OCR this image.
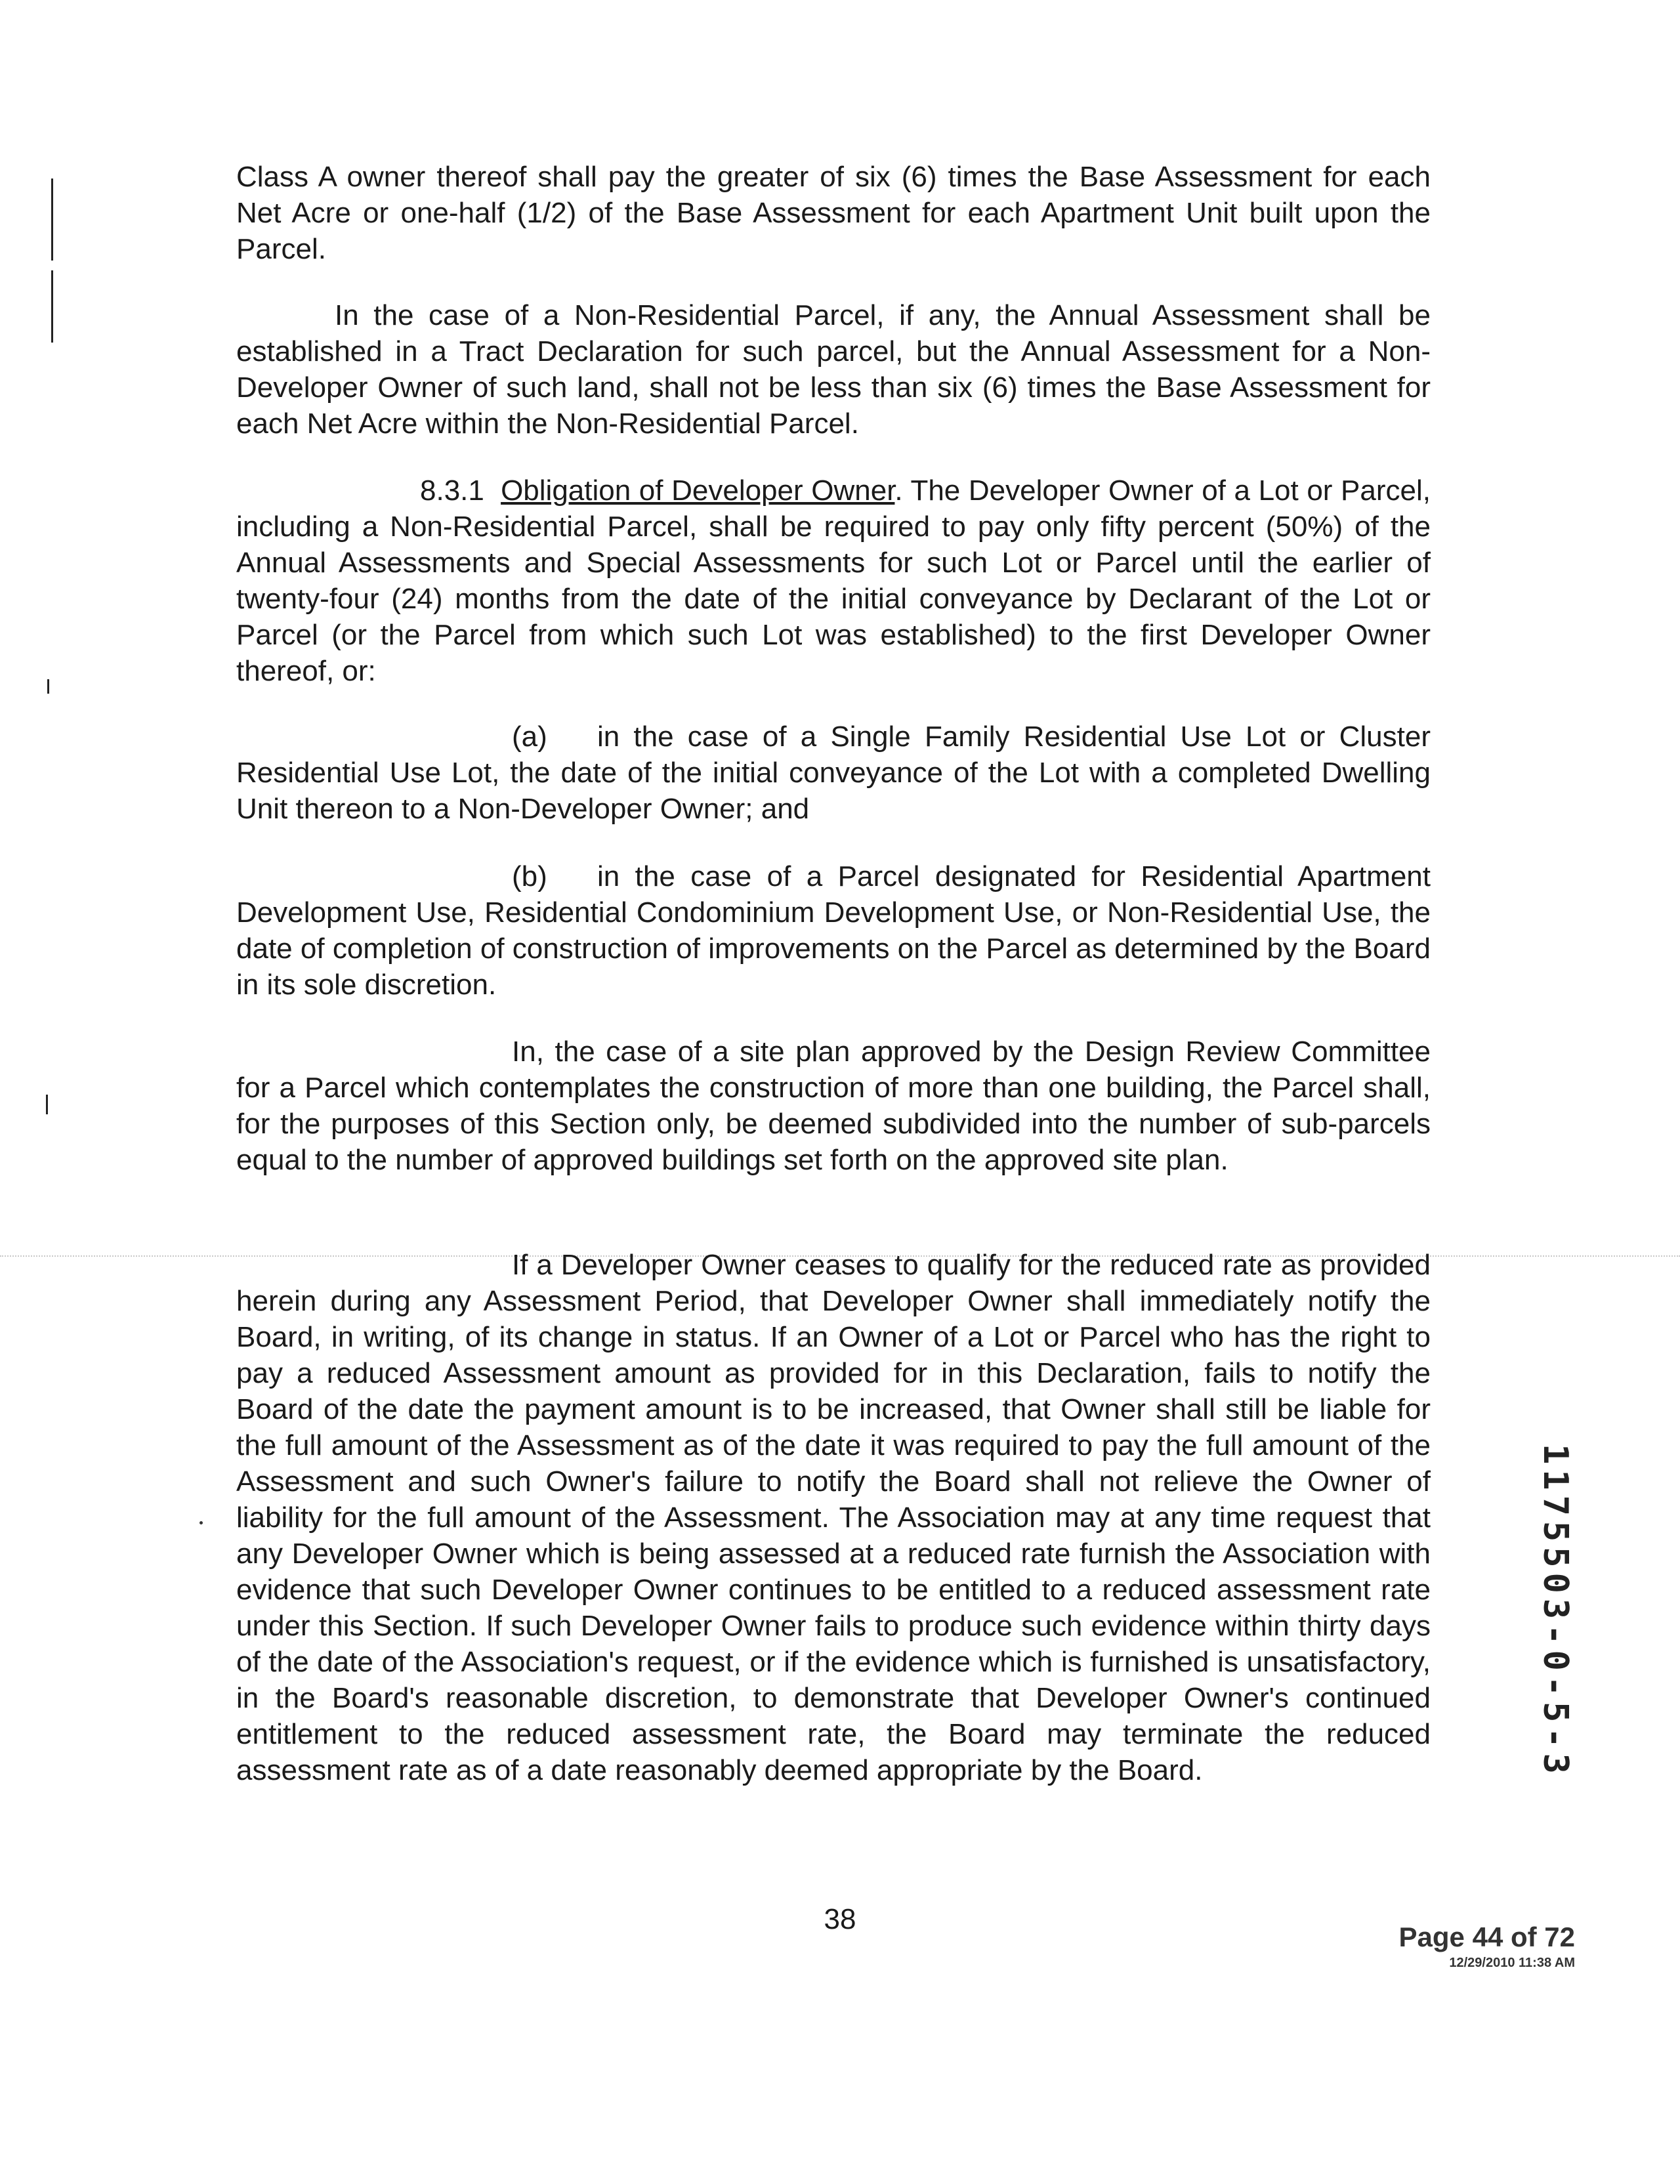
Class A owner thereof shall pay the greater of six (6) times the Base Assessment for each Net Acre or one-half (1/2) of the Base Assessment for each Apartment Unit built upon the Parcel.

In the case of a Non-Residential Parcel, if any, the Annual Assessment shall be established in a Tract Declaration for such parcel, but the Annual Assessment for a Non-Developer Owner of such land, shall not be less than six (6) times the Base Assessment for each Net Acre within the Non-Residential Parcel.

8.3.1 Obligation of Developer Owner. The Developer Owner of a Lot or Parcel, including a Non-Residential Parcel, shall be required to pay only fifty percent (50%) of the Annual Assessments and Special Assessments for such Lot or Parcel until the earlier of twenty-four (24) months from the date of the initial conveyance by Declarant of the Lot or Parcel (or the Parcel from which such Lot was established) to the first Developer Owner thereof, or:

(a) in the case of a Single Family Residential Use Lot or Cluster Residential Use Lot, the date of the initial conveyance of the Lot with a completed Dwelling Unit thereon to a Non-Developer Owner; and

(b) in the case of a Parcel designated for Residential Apartment Development Use, Residential Condominium Development Use, or Non-Residential Use, the date of completion of construction of improvements on the Parcel as determined by the Board in its sole discretion.

In, the case of a site plan approved by the Design Review Committee for a Parcel which contemplates the construction of more than one building, the Parcel shall, for the purposes of this Section only, be deemed subdivided into the number of sub-parcels equal to the number of approved buildings set forth on the approved site plan.

If a Developer Owner ceases to qualify for the reduced rate as provided herein during any Assessment Period, that Developer Owner shall immediately notify the Board, in writing, of its change in status. If an Owner of a Lot or Parcel who has the right to pay a reduced Assessment amount as provided for in this Declaration, fails to notify the Board of the date the payment amount is to be increased, that Owner shall still be liable for the full amount of the Assessment as of the date it was required to pay the full amount of the Assessment and such Owner's failure to notify the Board shall not relieve the Owner of liability for the full amount of the Assessment. The Association may at any time request that any Developer Owner which is being assessed at a reduced rate furnish the Association with evidence that such Developer Owner continues to be entitled to a reduced assessment rate under this Section. If such Developer Owner fails to produce such evidence within thirty days of the date of the Association's request, or if the evidence which is furnished is unsatisfactory, in the Board's reasonable discretion, to demonstrate that Developer Owner's continued entitlement to the reduced assessment rate, the Board may terminate the reduced assessment rate as of a date reasonably deemed appropriate by the Board.

38
Page 44 of 72
12/29/2010 11:38 AM
1175503-0-5-3
